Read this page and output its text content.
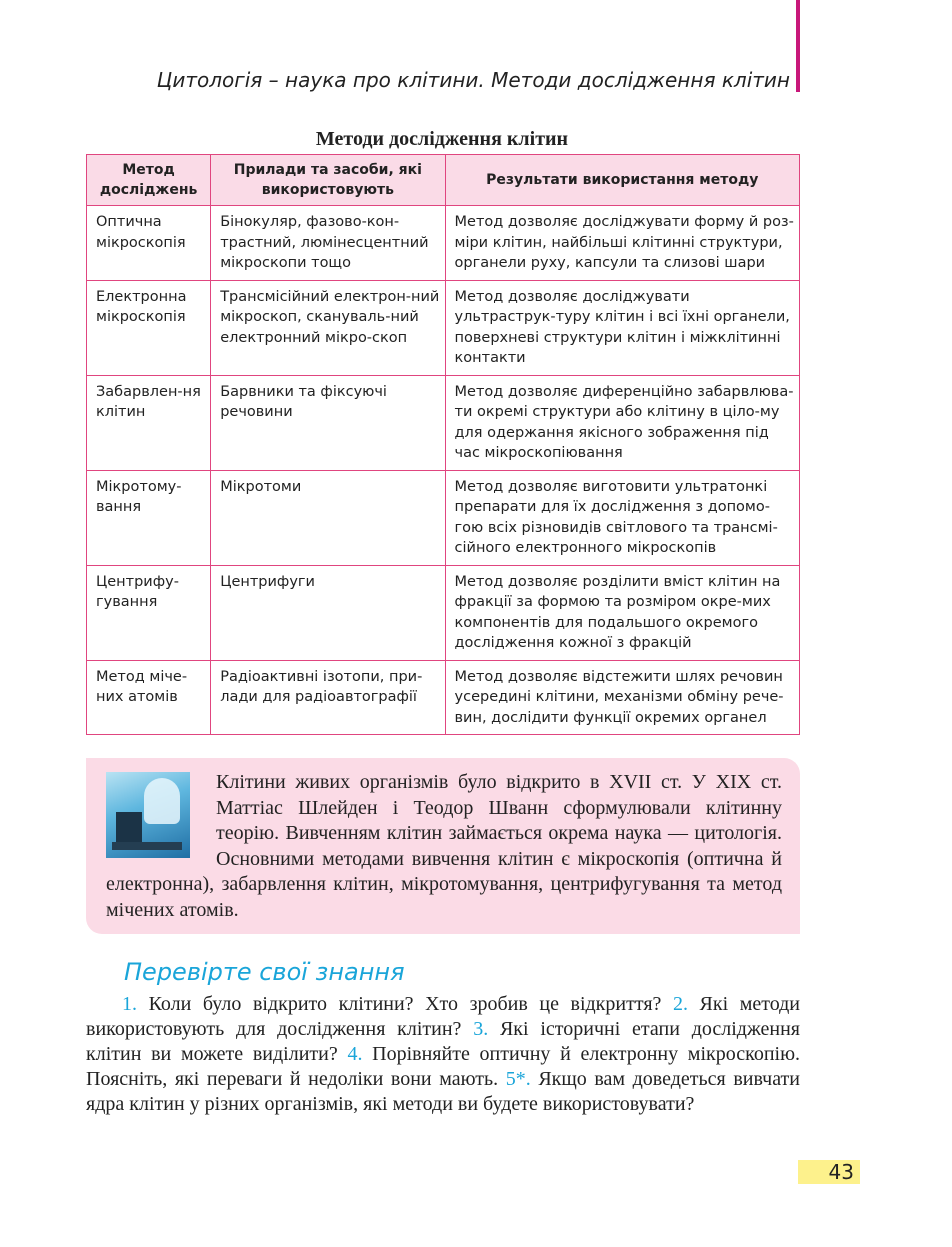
Цитологія – наука про клітини. Методи дослідження клітин
Методи дослідження клітин
Метод досліджень	Прилади та засоби, які використовують	Результати використання методу
Оптична мікроскопія	Бінокуляр, фазово-кон-трастний, люмінесцентний мікроскопи тощо	Метод дозволяє досліджувати форму й роз-міри клітин, найбільші клітинні структури, органели руху, капсули та слизові шари
Електронна мікроскопія	Трансмісійний електрон-ний мікроскоп, скануваль-ний електронний мікро-скоп	Метод дозволяє досліджувати ультраструк-туру клітин і всі їхні органели, поверхневі структури клітин і міжклітинні контакти
Забарвлен-ня клітин	Барвники та фіксуючі речовини	Метод дозволяє диференційно забарвлюва-ти окремі структури або клітину в ціло-му для одержання якісного зображення під час мікроскопіювання
Мікротому-вання	Мікротоми	Метод дозволяє виготовити ультратонкі препарати для їх дослідження з допомо-гою всіх різновидів світлового та трансмі-сійного електронного мікроскопів
Центрифу-гування	Центрифуги	Метод дозволяє розділити вміст клітин на фракції за формою та розміром окре-мих компонентів для подальшого окремого дослідження кожної з фракцій
Метод міче-них атомів	Радіоактивні ізотопи, при-лади для радіоавтографії	Метод дозволяє відстежити шлях речовин усередині клітини, механізми обміну рече-вин, дослідити функції окремих органел
Клітини живих організмів було відкрито в XVII ст. У XIX ст. Маттіас Шлейден і Теодор Шванн сформулювали клітинну теорію. Вивченням клітин займається окрема наука — цитологія. Основними методами вивчення клітин є мікроскопія (оптична й електронна), забарвлення клітин, мікротомування, центрифугування та метод мічених атомів.
Перевірте свої знання
1. Коли було відкрито клітини? Хто зробив це відкриття? 2. Які методи використовують для дослідження клітин? 3. Які історичні етапи дослідження клітин ви можете виділити? 4. Порівняйте оптичну й електронну мікроскопію. Поясніть, які переваги й недоліки вони мають. 5*. Якщо вам доведеться вивчати ядра клітин у різних організмів, які методи ви будете використовувати?
43
